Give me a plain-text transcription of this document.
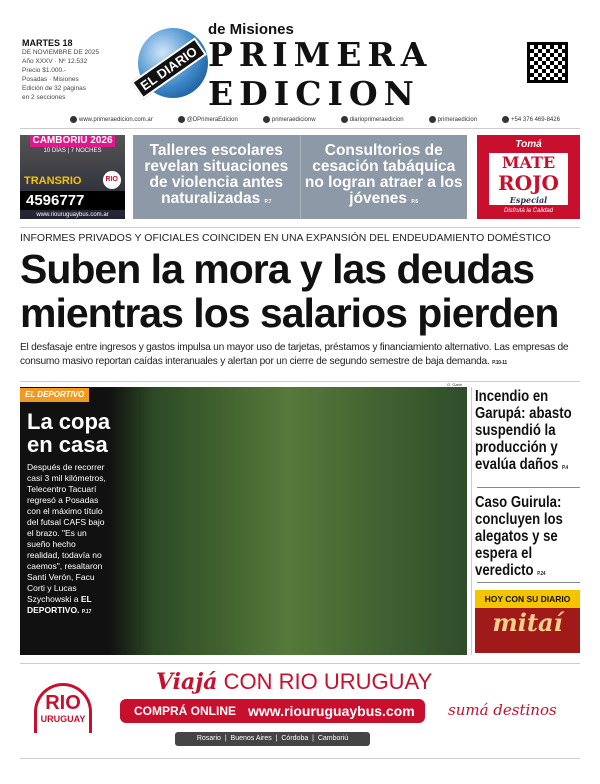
MARTES 18
DE NOVIEMBRE DE 2025
Año XXXV · Nº 12.532
Precio $1.000.-
Posadas · Misiones
Edición de 32 páginas
en 2 secciones
EL DIARIO
de Misiones
PRIMERA
EDICION
www.primeraedicion.com.ar	@DPrimeraEdicion	primeraedicionw	diarioprimeraedicion	primeraedicion	+54 376 469-8426
CAMBORIU 2026
10 DÍAS | 7 NOCHES
TRANSRIO	RIO
4596777
www.riouruguaybus.com.ar
Talleres escolares revelan situaciones de violencia antes naturalizadas P.7
Consultorios de cesación tabáquica no logran atraer a los jóvenes P.6
Tomá
MATE
ROJO
Especial
Disfrutá la Calidad
INFORMES PRIVADOS Y OFICIALES COINCIDEN EN UNA EXPANSIÓN DEL ENDEUDAMIENTO DOMÉSTICO
Suben la mora y las deudas
mientras los salarios pierden
El desfasaje entre ingresos y gastos impulsa un mayor uso de tarjetas, préstamos y financiamiento alternativo. Las empresas de consumo masivo reportan caídas interanuales y alertan por un cierre de segundo semestre de baja demanda. P.10-11
G. Garin
EL DEPORTIVO
La copa en casa
Después de recorrer casi 3 mil kilómetros, Telecentro Tacuarí regresó a Posadas con el máximo título del futsal CAFS bajo el brazo. "Es un sueño hecho realidad, todavía no caemos", resaltaron Santi Verón, Facu Corti y Lucas Szychowski a EL DEPORTIVO. P.17
Incendio en Garupá: abasto suspendió la producción y evalúa daños P.4
Caso Guirula: concluyen los alegatos y se espera el veredicto P.24
HOY CON SU DIARIO
mitaí
RIO
URUGUAY
Viajá CON RIO URUGUAY
COMPRÁ ONLINE www.riouruguaybus.com
Rosario  |  Buenos Aires  |  Córdoba  |  Camboriú
sumá destinos
